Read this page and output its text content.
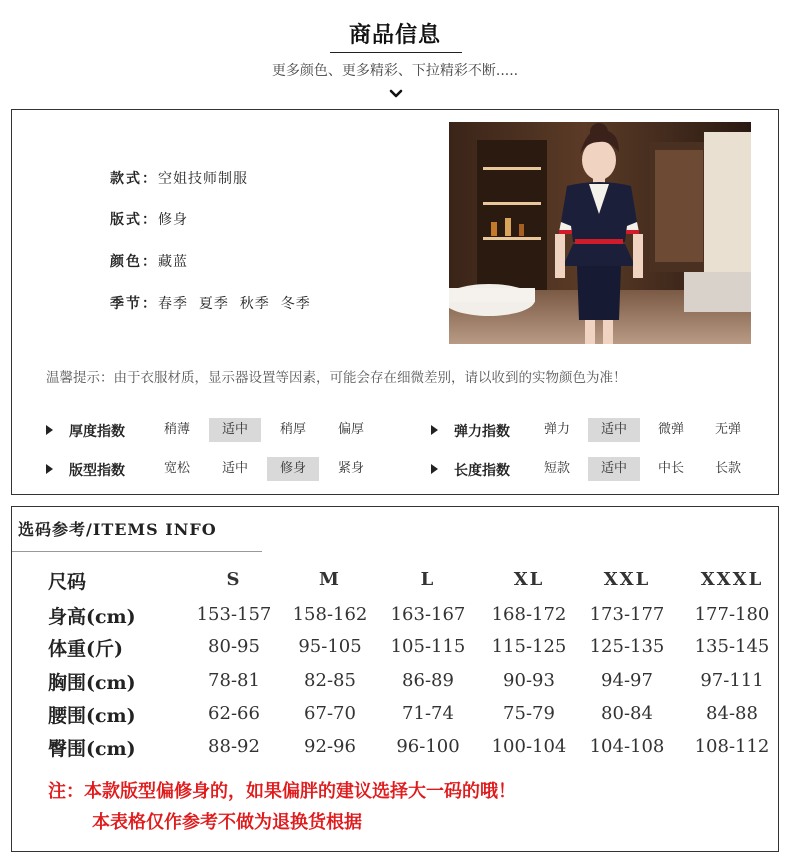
商品信息
更多颜色、更多精彩、下拉精彩不断.....
款式：空姐技师制服
版式：修身
颜色：藏蓝
季节：春季  夏季  秋季  冬季
温馨提示：由于衣服材质，显示器设置等因素，可能会存在细微差别，请以收到的实物颜色为准！
厚度指数	稍薄	适中	稍厚	偏厚	弹力指数	弹力	适中	微弹	无弹
版型指数	宽松	适中	修身	紧身	长度指数	短款	适中	中长	长款
选码参考/ITEMS INFO
尺码	S	M	L	XL	XXL	XXXL
身高(cm)	153-157	158-162	163-167	168-172	173-177	177-180
体重(斤)	80-95	95-105	105-115	115-125	125-135	135-145
胸围(cm)	78-81	82-85	86-89	90-93	94-97	97-111
腰围(cm)	62-66	67-70	71-74	75-79	80-84	84-88
臀围(cm)	88-92	92-96	96-100	100-104	104-108	108-112
注：本款版型偏修身的，如果偏胖的建议选择大一码的哦！
本表格仅作参考不做为退换货根据
